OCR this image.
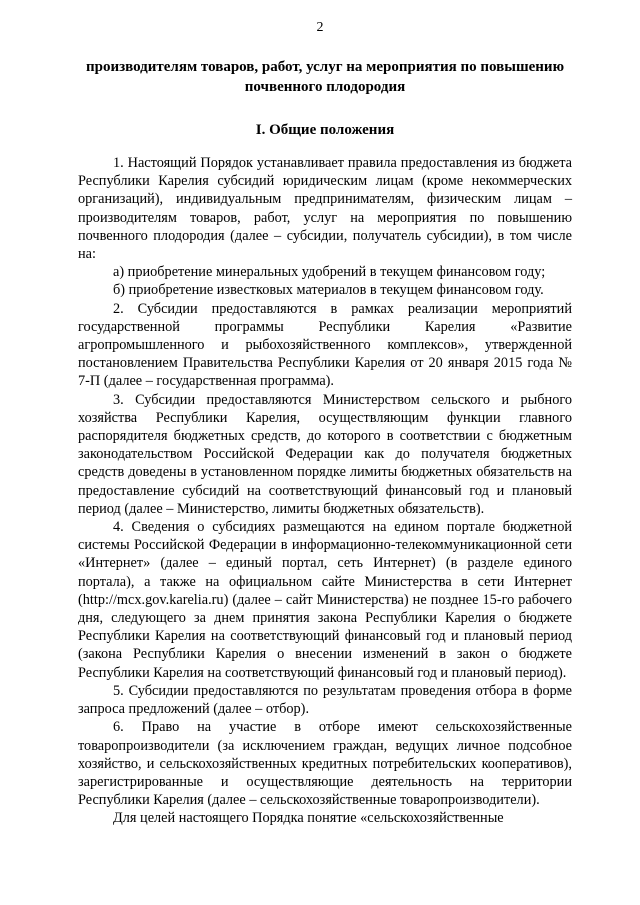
2

производителям товаров, работ, услуг на мероприятия по повышению
почвенного плодородия

I. Общие положения

1. Настоящий Порядок устанавливает правила предоставления из бюджета Республики Карелия субсидий юридическим лицам (кроме некоммерческих организаций), индивидуальным предпринимателям, физическим лицам – производителям товаров, работ, услуг на мероприятия по повышению почвенного плодородия (далее – субсидии, получатель субсидии), в том числе на:

а) приобретение минеральных удобрений в текущем финансовом году;

б) приобретение известковых материалов в текущем финансовом году.

2. Субсидии предоставляются в рамках реализации мероприятий государственной программы Республики Карелия «Развитие агропромышленного и рыбохозяйственного комплексов», утвержденной постановлением Правительства Республики Карелия от 20 января 2015 года № 7-П (далее – государственная программа).

3. Субсидии предоставляются Министерством сельского и рыбного хозяйства Республики Карелия, осуществляющим функции главного распорядителя бюджетных средств, до которого в соответствии с бюджетным законодательством Российской Федерации как до получателя бюджетных средств доведены в установленном порядке лимиты бюджетных обязательств на предоставление субсидий на соответствующий финансовый год и плановый период (далее – Министерство, лимиты бюджетных обязательств).

4. Сведения о субсидиях размещаются на едином портале бюджетной системы Российской Федерации в информационно-телекоммуникационной сети «Интернет» (далее – единый портал, сеть Интернет) (в разделе единого портала), а также на официальном сайте Министерства в сети Интернет (http://mcx.gov.karelia.ru) (далее – сайт Министерства) не позднее 15-го рабочего дня, следующего за днем принятия закона Республики Карелия о бюджете Республики Карелия на соответствующий финансовый год и плановый период (закона Республики Карелия о внесении изменений в закон о бюджете Республики Карелия на соответствующий финансовый год и плановый период).

5. Субсидии предоставляются по результатам проведения отбора в форме запроса предложений (далее – отбор).

6. Право на участие в отборе имеют сельскохозяйственные товаропроизводители (за исключением граждан, ведущих личное подсобное хозяйство, и сельскохозяйственных кредитных потребительских кооперативов), зарегистрированные и осуществляющие деятельность на территории Республики Карелия (далее – сельскохозяйственные товаропроизводители).

Для целей настоящего Порядка понятие «сельскохозяйственные
